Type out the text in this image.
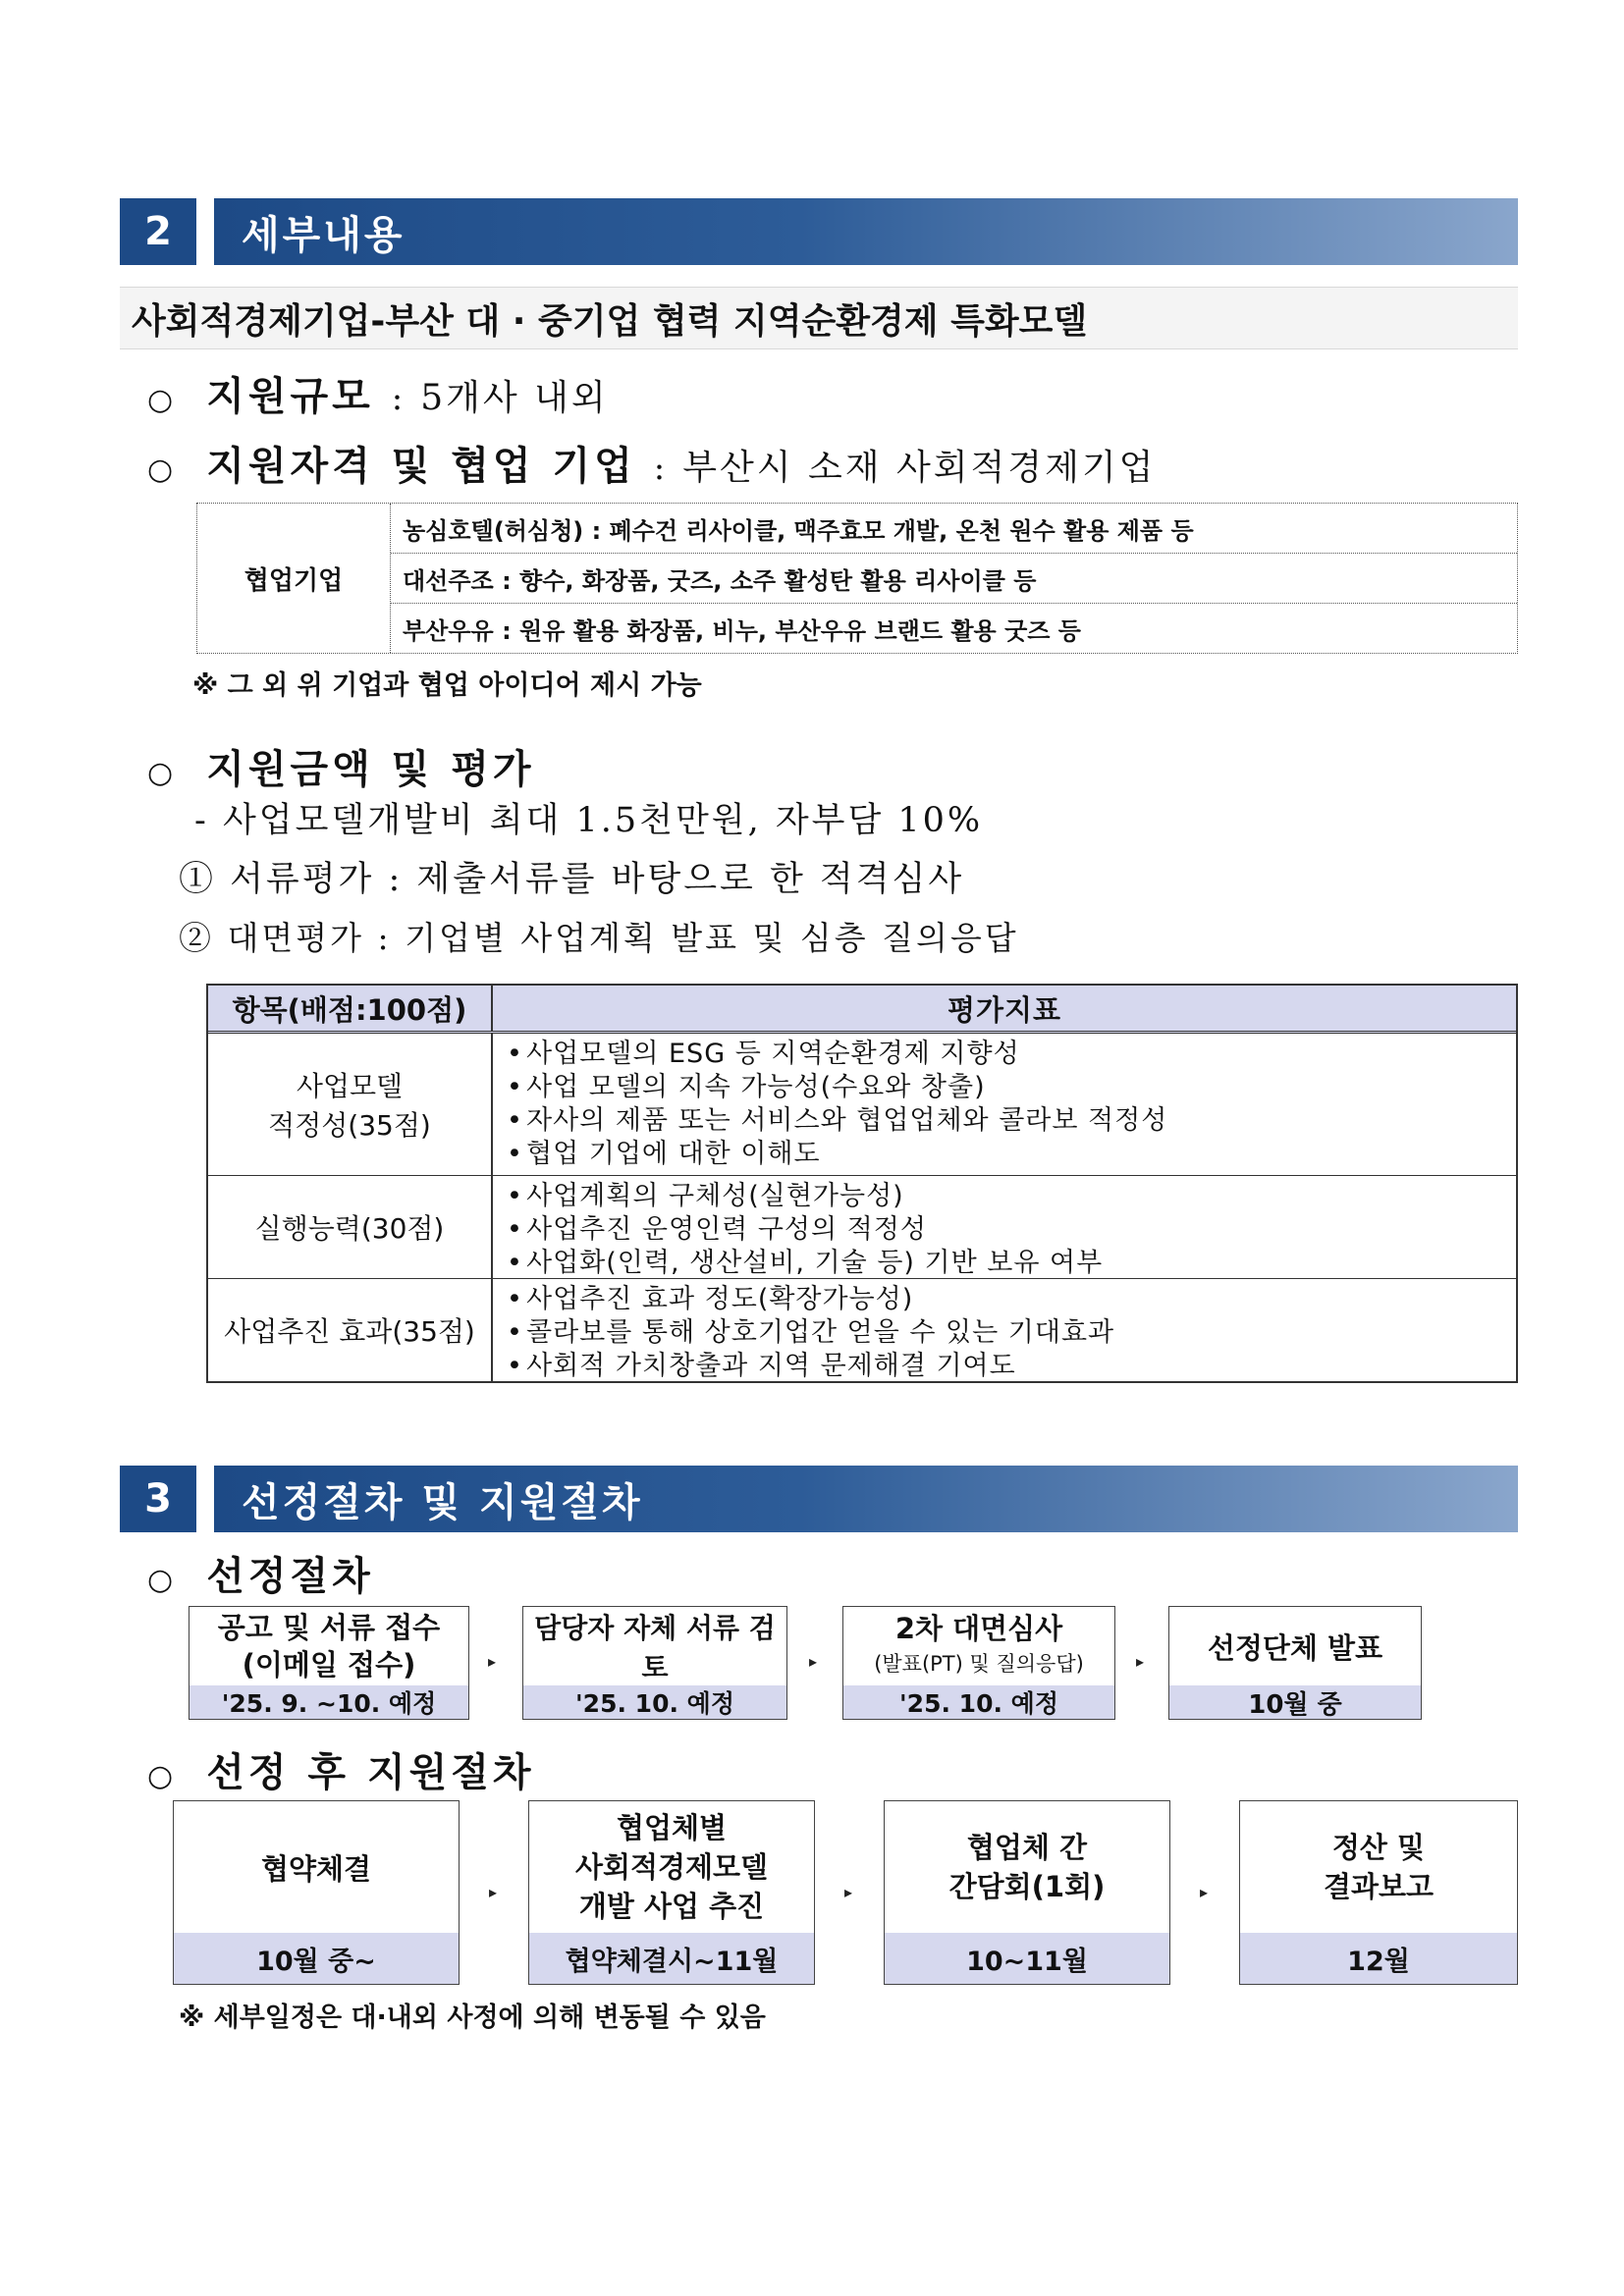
2	세부내용
사회적경제기업-부산 대 · 중기업 협력 지역순환경제 특화모델
○ 지원규모 : 5개사 내외
○ 지원자격 및 협업 기업 : 부산시 소재 사회적경제기업
협업기업
농심호텔(허심청) : 폐수건 리사이클, 맥주효모 개발, 온천 원수 활용 제품 등
대선주조 : 향수, 화장품, 굿즈, 소주 활성탄 활용 리사이클 등
부산우유 : 원유 활용 화장품, 비누, 부산우유 브랜드 활용 굿즈 등
※ 그 외 위 기업과 협업 아이디어 제시 가능
○ 지원금액 및 평가
- 사업모델개발비 최대 1.5천만원, 자부담 10%
① 서류평가 : 제출서류를 바탕으로 한 적격심사
② 대면평가 : 기업별 사업계획 발표 및 심층 질의응답
항목(배점:100점)	평가지표
사업모델
적정성(35점)
• 사업모델의 ESG 등 지역순환경제 지향성
• 사업 모델의 지속 가능성(수요와 창출)
• 자사의 제품 또는 서비스와 협업업체와 콜라보 적정성
• 협업 기업에 대한 이해도
실행능력(30점)
• 사업계획의 구체성(실현가능성)
• 사업추진 운영인력 구성의 적정성
• 사업화(인력, 생산설비, 기술 등) 기반 보유 여부
사업추진 효과(35점)
• 사업추진 효과 정도(확장가능성)
• 콜라보를 통해 상호기업간 얻을 수 있는 기대효과
• 사회적 가치창출과 지역 문제해결 기여도
3	선정절차 및 지원절차
○ 선정절차
공고 및 서류 접수
(이메일 접수)
'25. 9. ~10. 예정
▸
담당자 자체 서류 검토
'25. 10. 예정
▸
2차 대면심사
(발표(PT) 및 질의응답)
'25. 10. 예정
▸ 선정단체 발표
10월 중
○ 선정 후 지원절차
협약체결
10월 중~
▸
협업체별
사회적경제모델
개발 사업 추진
협약체결시~11월
▸
협업체 간
간담회(1회)
10~11월
▸
정산 및
결과보고
12월
※ 세부일정은 대·내외 사정에 의해 변동될 수 있음
